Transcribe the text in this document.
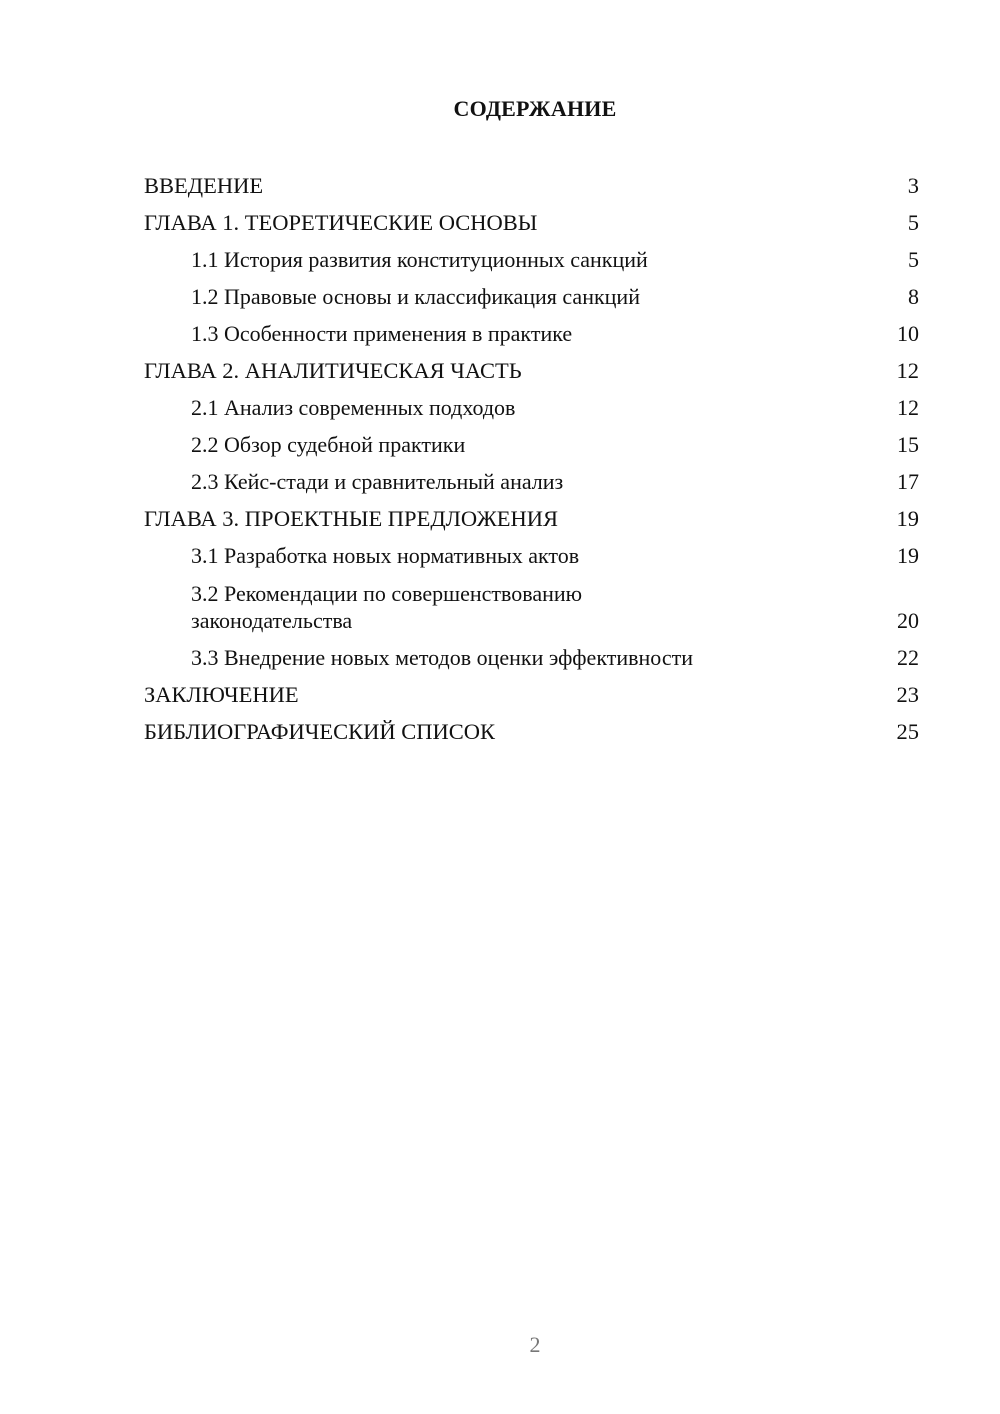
СОДЕРЖАНИЕ
ВВЕДЕНИЕ	3
ГЛАВА 1. ТЕОРЕТИЧЕСКИЕ ОСНОВЫ	5
1.1 История развития конституционных санкций	5
1.2 Правовые основы и классификация санкций	8
1.3 Особенности применения в практике	10
ГЛАВА 2. АНАЛИТИЧЕСКАЯ ЧАСТЬ	12
2.1 Анализ современных подходов	12
2.2 Обзор судебной практики	15
2.3 Кейс-стади и сравнительный анализ	17
ГЛАВА 3. ПРОЕКТНЫЕ ПРЕДЛОЖЕНИЯ	19
3.1 Разработка новых нормативных актов	19
3.2 Рекомендации по совершенствованию законодательства	20
3.3 Внедрение новых методов оценки эффективности	22
ЗАКЛЮЧЕНИЕ	23
БИБЛИОГРАФИЧЕСКИЙ СПИСОК	25
2
